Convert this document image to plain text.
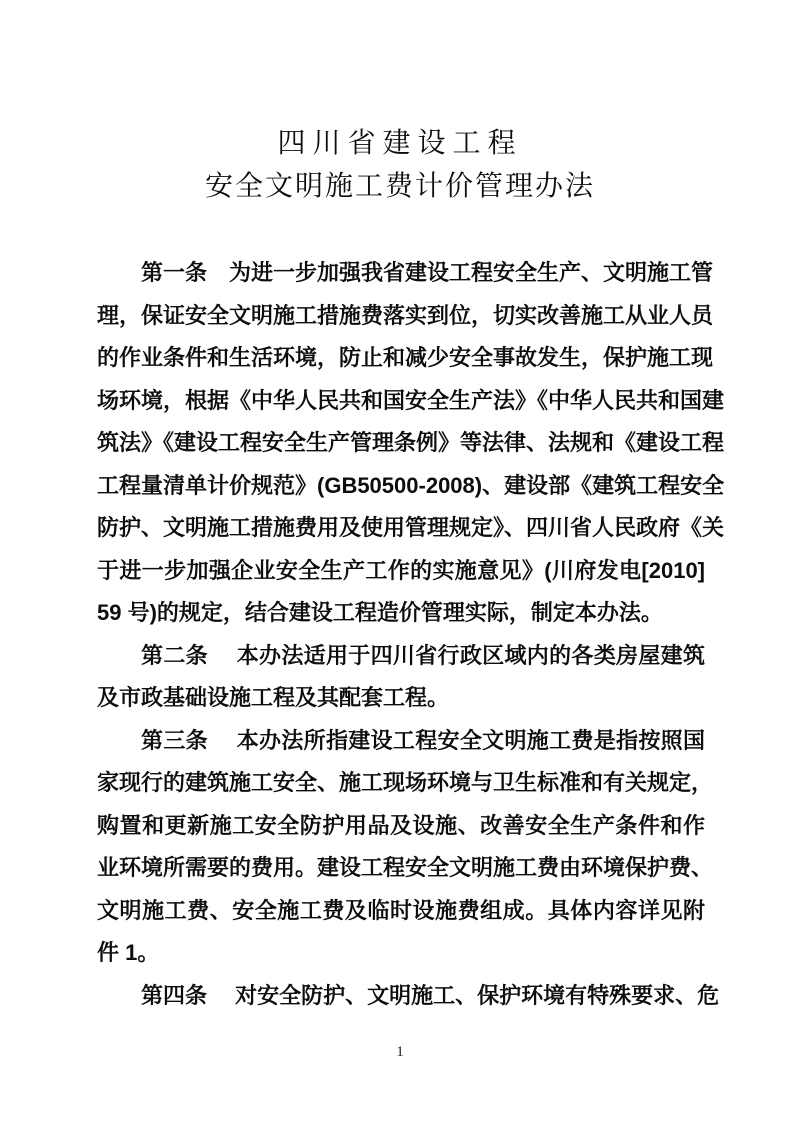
四川省建设工程
安全文明施工费计价管理办法
第一条　为进一步加强我省建设工程安全生产、文明施工管
理，保证安全文明施工措施费落实到位，切实改善施工从业人员
的作业条件和生活环境，防止和减少安全事故发生，保护施工现
场环境，根据《中华人民共和国安全生产法》《中华人民共和国建
筑法》《建设工程安全生产管理条例》等法律、法规和《建设工程
工程量清单计价规范》(GB50500-2008)、建设部《建筑工程安全
防护、文明施工措施费用及使用管理规定》、四川省人民政府《关
于进一步加强企业安全生产工作的实施意见》(川府发电[2010]
59 号)的规定，结合建设工程造价管理实际，制定本办法。
第二条　 本办法适用于四川省行政区域内的各类房屋建筑
及市政基础设施工程及其配套工程。
第三条　 本办法所指建设工程安全文明施工费是指按照国
家现行的建筑施工安全、施工现场环境与卫生标准和有关规定，
购置和更新施工安全防护用品及设施、改善安全生产条件和作
业环境所需要的费用。建设工程安全文明施工费由环境保护费、
文明施工费、安全施工费及临时设施费组成。具体内容详见附
件 1。
第四条　 对安全防护、文明施工、保护环境有特殊要求、危
1
